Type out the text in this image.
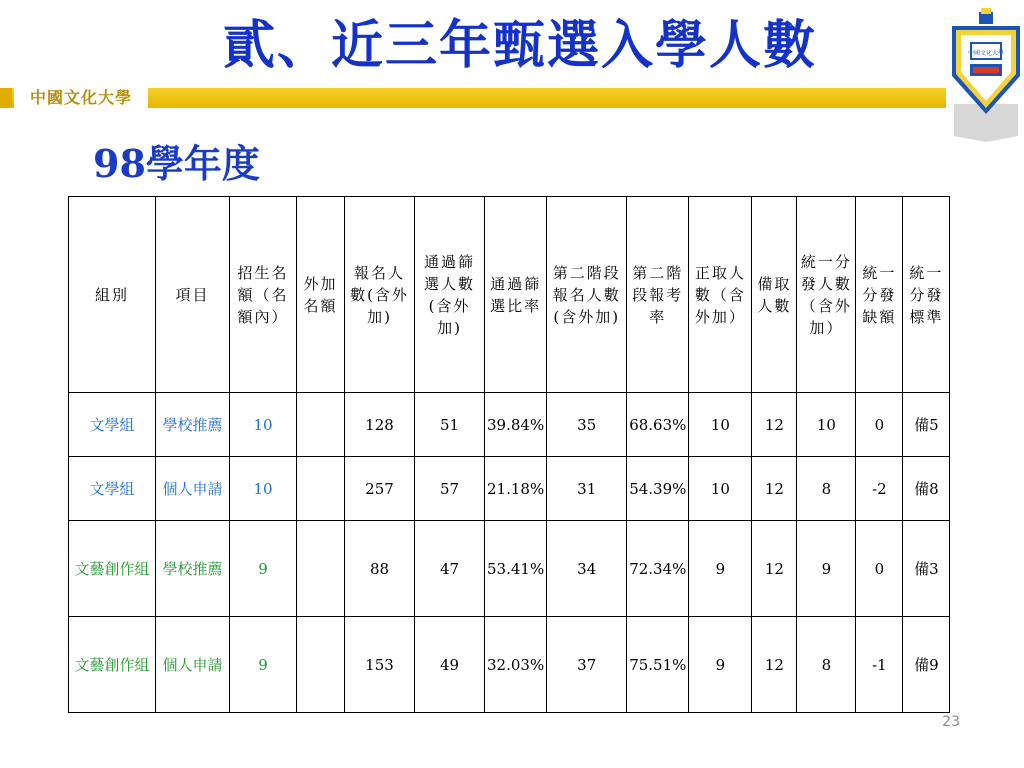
貳、近三年甄選入學人數
中國文化大學
中國文化大學
98學年度
組別	項目	招生名額（名額內）	外加名額	報名人數(含外加)	通過篩選人數(含外加)	通過篩選比率	第二階段報名人數(含外加)	第二階段報考率	正取人數（含外加）	備取人數	統一分發人數（含外加）	統一分發缺額	統一分發標準
文學組	學校推薦	10		128	51	39.84%	35	68.63%	10	12	10	0	備5
文學組	個人申請	10		257	57	21.18%	31	54.39%	10	12	8	-2	備8
文藝創作組	學校推薦	9		88	47	53.41%	34	72.34%	9	12	9	0	備3
文藝創作組	個人申請	9		153	49	32.03%	37	75.51%	9	12	8	-1	備9
23
